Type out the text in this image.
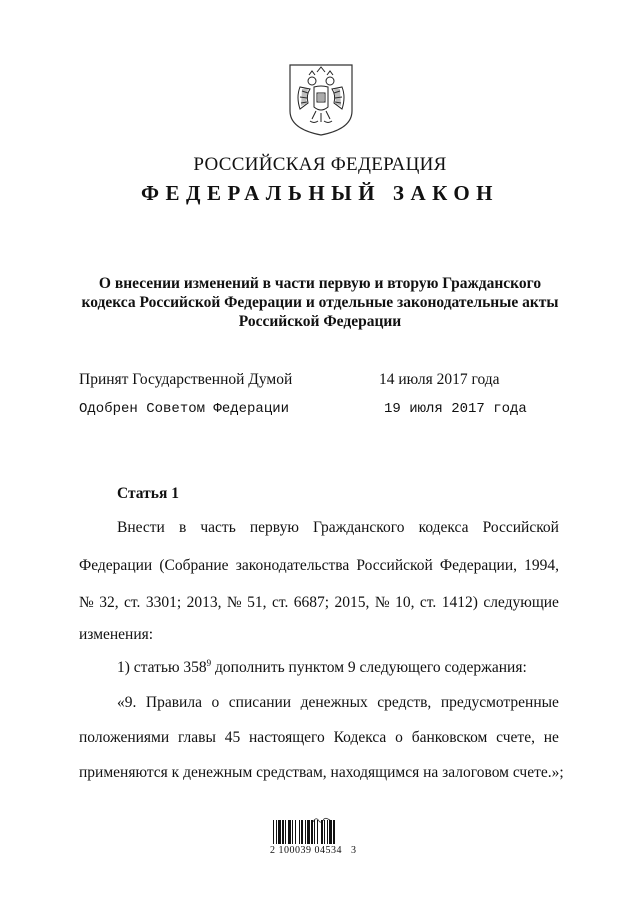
РОССИЙСКАЯ ФЕДЕРАЦИЯ
ФЕДЕРАЛЬНЫЙ ЗАКОН
О внесении изменений в части первую и вторую Гражданского
кодекса Российской Федерации и отдельные законодательные акты
Российской Федерации
Принят Государственной Думой	14 июля 2017 года
Одобрен Советом Федерации	19 июля 2017 года
Статья 1
Внести в часть первую Гражданского кодекса Российской
Федерации (Собрание законодательства Российской Федерации, 1994,
№ 32, ст. 3301; 2013, № 51, ст. 6687; 2015, № 10, ст. 1412) следующие
изменения:
1) статью $358^9$ дополнить пунктом 9 следующего содержания:
«9. Правила о списании денежных средств, предусмотренные
положениями главы 45 настоящего Кодекса о банковском счете, не
применяются к денежным средствам, находящимся на залоговом счете.»;
2 100039 04534   3
